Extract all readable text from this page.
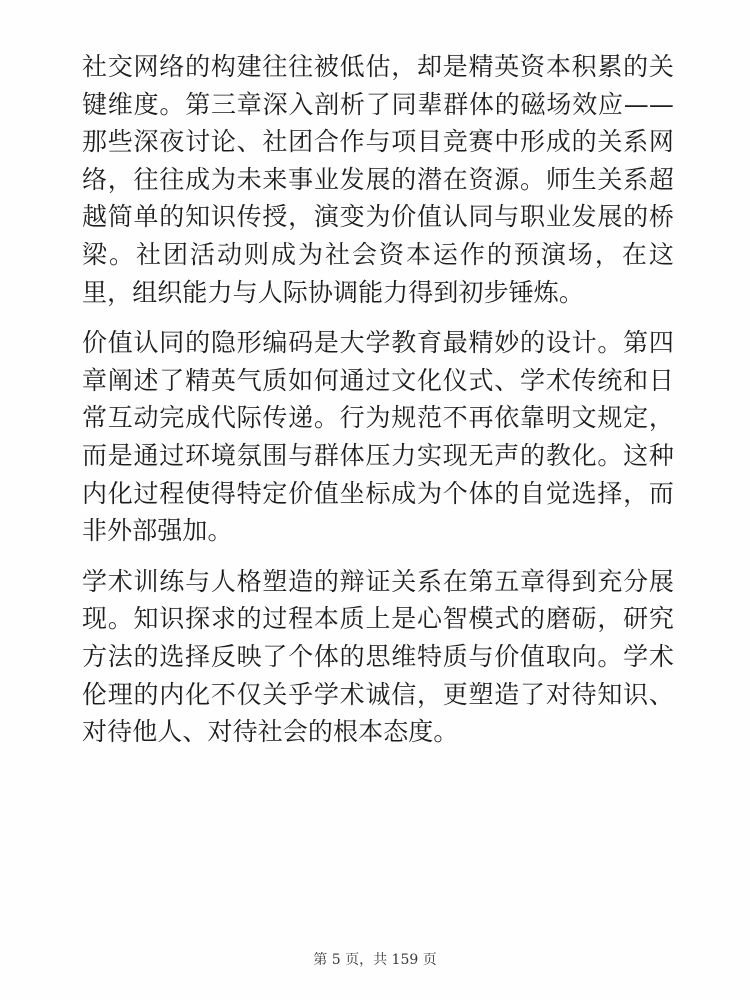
社交网络的构建往往被低估，却是精英资本积累的关键维度。第三章深入剖析了同辈群体的磁场效应——那些深夜讨论、社团合作与项目竞赛中形成的关系网络，往往成为未来事业发展的潜在资源。师生关系超越简单的知识传授，演变为价值认同与职业发展的桥梁。社团活动则成为社会资本运作的预演场，在这里，组织能力与人际协调能力得到初步锤炼。

价值认同的隐形编码是大学教育最精妙的设计。第四章阐述了精英气质如何通过文化仪式、学术传统和日常互动完成代际传递。行为规范不再依靠明文规定，而是通过环境氛围与群体压力实现无声的教化。这种内化过程使得特定价值坐标成为个体的自觉选择，而非外部强加。

学术训练与人格塑造的辩证关系在第五章得到充分展现。知识探求的过程本质上是心智模式的磨砺，研究方法的选择反映了个体的思维特质与价值取向。学术伦理的内化不仅关乎学术诚信，更塑造了对待知识、对待他人、对待社会的根本态度。

第 5 页，共 159 页
